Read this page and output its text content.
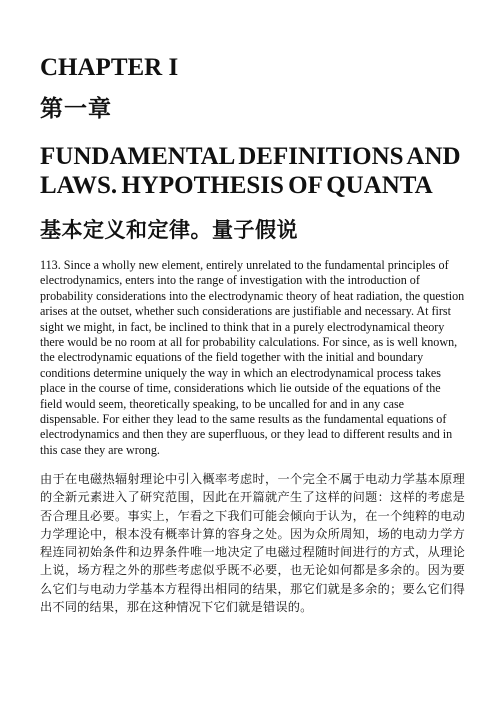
CHAPTER I
第一章
FUNDAMENTAL DEFINITIONS AND LAWS. HYPOTHESIS OF QUANTA
基本定义和定律。量子假说

113. Since a wholly new element, entirely unrelated to the fundamental principles of electrodynamics, enters into the range of investigation with the introduction of probability considerations into the electrodynamic theory of heat radiation, the question arises at the outset, whether such considerations are justifiable and necessary. At first sight we might, in fact, be inclined to think that in a purely electrodynamical theory there would be no room at all for probability calculations. For since, as is well known, the electrodynamic equations of the field together with the initial and boundary conditions determine uniquely the way in which an electrodynamical process takes place in the course of time, considerations which lie outside of the equations of the field would seem, theoretically speaking, to be uncalled for and in any case dispensable. For either they lead to the same results as the fundamental equations of electrodynamics and then they are superfluous, or they lead to different results and in this case they are wrong.

由于在电磁热辐射理论中引入概率考虑时，一个完全不属于电动力学基本原理的全新元素进入了研究范围，因此在开篇就产生了这样的问题：这样的考虑是否合理且必要。事实上，乍看之下我们可能会倾向于认为，在一个纯粹的电动力学理论中，根本没有概率计算的容身之处。因为众所周知，场的电动力学方程连同初始条件和边界条件唯一地决定了电磁过程随时间进行的方式，从理论上说，场方程之外的那些考虑似乎既不必要，也无论如何都是多余的。因为要么它们与电动力学基本方程得出相同的结果，那它们就是多余的；要么它们得出不同的结果，那在这种情况下它们就是错误的。
